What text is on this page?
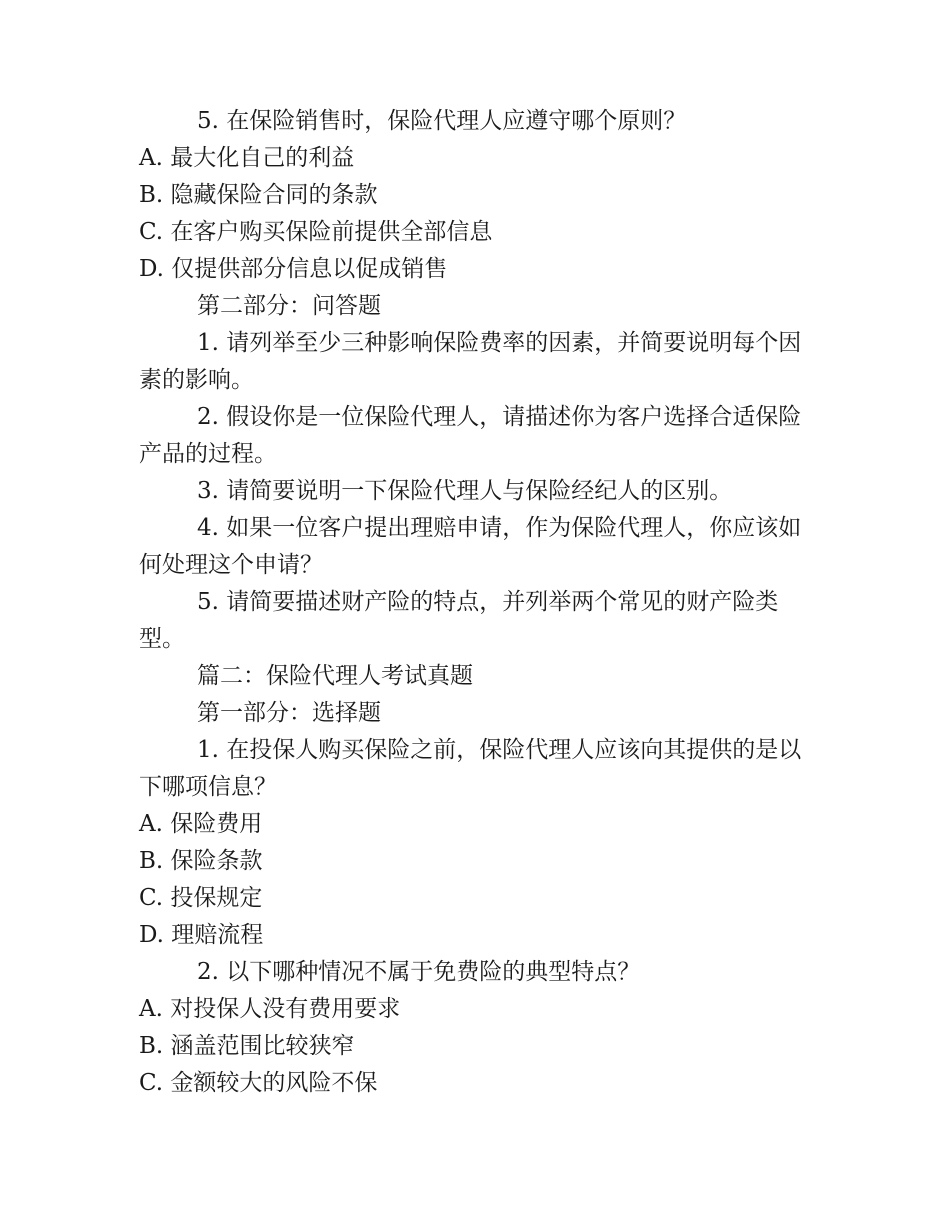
5. 在保险销售时，保险代理人应遵守哪个原则？

A. 最大化自己的利益

B. 隐藏保险合同的条款

C. 在客户购买保险前提供全部信息

D. 仅提供部分信息以促成销售

第二部分：问答题

1. 请列举至少三种影响保险费率的因素，并简要说明每个因素的影响。

2. 假设你是一位保险代理人，请描述你为客户选择合适保险产品的过程。

3. 请简要说明一下保险代理人与保险经纪人的区别。

4. 如果一位客户提出理赔申请，作为保险代理人，你应该如何处理这个申请？

5. 请简要描述财产险的特点，并列举两个常见的财产险类型。

篇二：保险代理人考试真题

第一部分：选择题

1. 在投保人购买保险之前，保险代理人应该向其提供的是以下哪项信息？

A. 保险费用

B. 保险条款

C. 投保规定

D. 理赔流程

2. 以下哪种情况不属于免费险的典型特点？

A. 对投保人没有费用要求

B. 涵盖范围比较狭窄

C. 金额较大的风险不保
